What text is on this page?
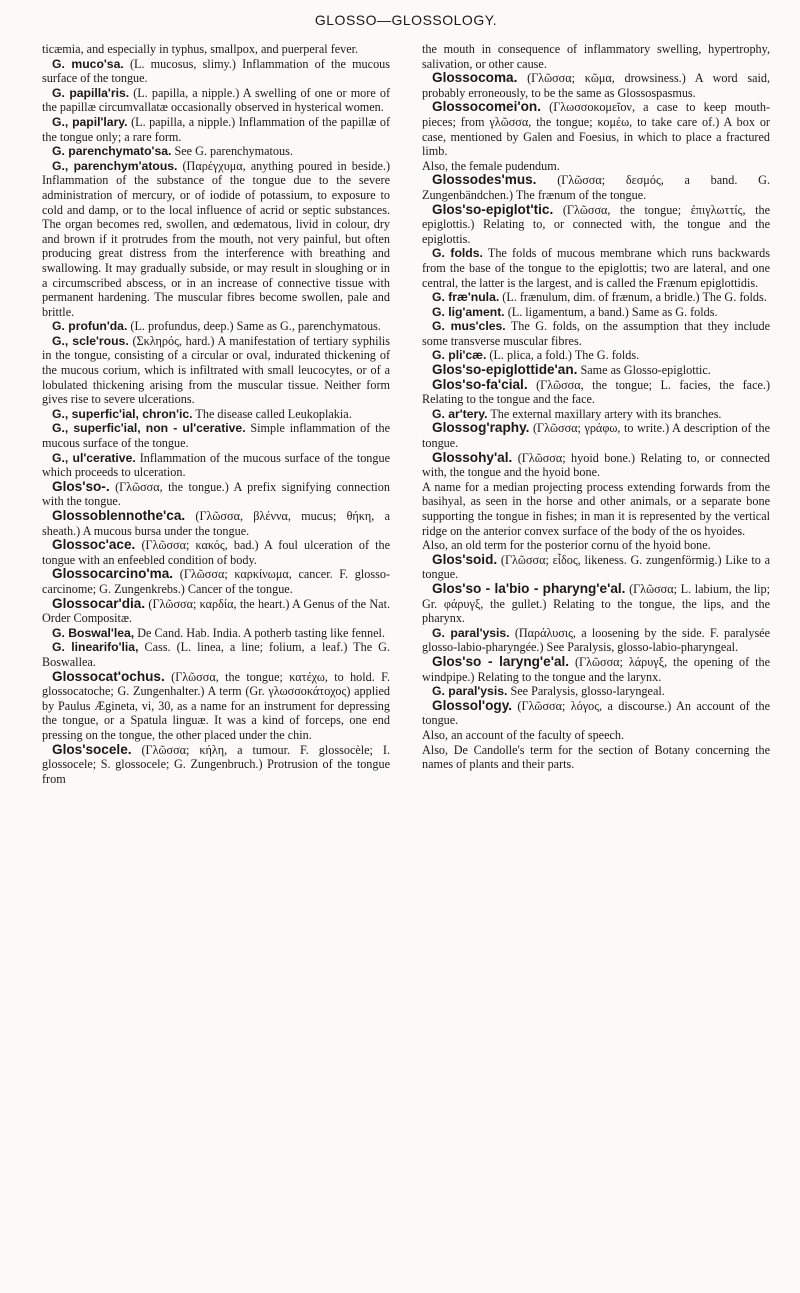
GLOSSO—GLOSSOLOGY.

ticæmia, and especially in typhus, smallpox, and puerperal fever.

G. muco'sa. (L. mucosus, slimy.) Inflammation of the mucous surface of the tongue.

G. papilla'ris. (L. papilla, a nipple.) A swelling of one or more of the papillæ circumvallatæ occasionally observed in hysterical women.

G., papil'lary. (L. papilla, a nipple.) Inflammation of the papillæ of the tongue only; a rare form.

G. parenchymato'sa. See G. parenchymatous.

G., parenchym'atous. (Παρέγχυμα, anything poured in beside.) Inflammation of the substance of the tongue due to the severe administration of mercury, or of iodide of potassium, to exposure to cold and damp, or to the local influence of acrid or septic substances. The organ becomes red, swollen, and œdematous, livid in colour, dry and brown if it protrudes from the mouth, not very painful, but often producing great distress from the interference with breathing and swallowing. It may gradually subside, or may result in sloughing or in a circumscribed abscess, or in an increase of connective tissue with permanent hardening. The muscular fibres become swollen, pale and brittle.

G. profun'da. (L. profundus, deep.) Same as G., parenchymatous.

G., scle'rous. (Σκληρός, hard.) A manifestation of tertiary syphilis in the tongue, consisting of a circular or oval, indurated thickening of the mucous corium, which is infiltrated with small leucocytes, or of a lobulated thickening arising from the muscular tissue. Neither form gives rise to severe ulcerations.

G., superfic'ial, chron'ic. The disease called Leukoplakia.

G., superfic'ial, non - ul'cerative. Simple inflammation of the mucous surface of the tongue.

G., ul'cerative. Inflammation of the mucous surface of the tongue which proceeds to ulceration.

Glos'so-. (Γλῶσσα, the tongue.) A prefix signifying connection with the tongue.

Glossoblennothe'ca. (Γλῶσσα, βλέννα, mucus; θήκη, a sheath.) A mucous bursa under the tongue.

Glossoc'ace. (Γλῶσσα; κακός, bad.) A foul ulceration of the tongue with an enfeebled condition of body.

Glossocarcino'ma. (Γλῶσσα; καρκίνωμα, cancer. F. glosso-carcinome; G. Zungenkrebs.) Cancer of the tongue.

Glossocar'dia. (Γλῶσσα; καρδία, the heart.) A Genus of the Nat. Order Compositæ.

G. Boswal'lea, De Cand. Hab. India. A potherb tasting like fennel.

G. linearifo'lia, Cass. (L. linea, a line; folium, a leaf.) The G. Boswallea.

Glossocat'ochus. (Γλῶσσα, the tongue; κατέχω, to hold. F. glossocatoche; G. Zungenhalter.) A term (Gr. γλωσσοκάτοχος) applied by Paulus Æginetа, vi, 30, as a name for an instrument for depressing the tongue, or a Spatula linguæ. It was a kind of forceps, one end pressing on the tongue, the other placed under the chin.

Glos'socele. (Γλῶσσα; κήλη, a tumour. F. glossocèle; I. glossocele; S. glossocele; G. Zungenbruch.) Protrusion of the tongue from

the mouth in consequence of inflammatory swelling, hypertrophy, salivation, or other cause.

Glossocoma. (Γλῶσσα; κῶμα, drowsiness.) A word said, probably erroneously, to be the same as Glossospasmus.

Glossocomei'on. (Γλωσσοκομεῖον, a case to keep mouth-pieces; from γλῶσσα, the tongue; κομέω, to take care of.) A box or case, mentioned by Galen and Foesius, in which to place a fractured limb.

Also, the female pudendum.

Glossodes'mus. (Γλῶσσα; δεσμός, a band. G. Zungenbändchen.) The frænum of the tongue.

Glos'so-epiglot'tic. (Γλῶσσα, the tongue; ἐπιγλωττίς, the epiglottis.) Relating to, or connected with, the tongue and the epiglottis.

G. folds. The folds of mucous membrane which runs backwards from the base of the tongue to the epiglottis; two are lateral, and one central, the latter is the largest, and is called the Frænum epiglottidis.

G. fræ'nula. (L. frænulum, dim. of frænum, a bridle.) The G. folds.

G. lig'ament. (L. ligamentum, a band.) Same as G. folds.

G. mus'cles. The G. folds, on the assumption that they include some transverse muscular fibres.

G. pli'cæ. (L. plica, a fold.) The G. folds.

Glos'so-epiglottide'an. Same as Glosso-epiglottic.

Glos'so-fa'cial. (Γλῶσσα, the tongue; L. facies, the face.) Relating to the tongue and the face.

G. ar'tery. The external maxillary artery with its branches.

Glossog'raphy. (Γλῶσσα; γράφω, to write.) A description of the tongue.

Glossohy'al. (Γλῶσσα; hyoid bone.) Relating to, or connected with, the tongue and the hyoid bone.

A name for a median projecting process extending forwards from the basihyal, as seen in the horse and other animals, or a separate bone supporting the tongue in fishes; in man it is represented by the vertical ridge on the anterior convex surface of the body of the os hyoides.

Also, an old term for the posterior cornu of the hyoid bone.

Glos'soid. (Γλῶσσα; εἶδος, likeness. G. zungenförmig.) Like to a tongue.

Glos'so - la'bio - pharyng'e'al. (Γλῶσσα; L. labium, the lip; Gr. φάρυγξ, the gullet.) Relating to the tongue, the lips, and the pharynx.

G. paral'ysis. (Παράλυσις, a loosening by the side. F. paralysée glosso-labio-pharyngée.) See Paralysis, glosso-labio-pharyngeal.

Glos'so - laryng'e'al. (Γλῶσσα; λάρυγξ, the opening of the windpipe.) Relating to the tongue and the larynx.

G. paral'ysis. See Paralysis, glosso-laryngeal.

Glossol'ogy. (Γλῶσσα; λόγος, a discourse.) An account of the tongue.

Also, an account of the faculty of speech.

Also, De Candolle's term for the section of Botany concerning the names of plants and their parts.
